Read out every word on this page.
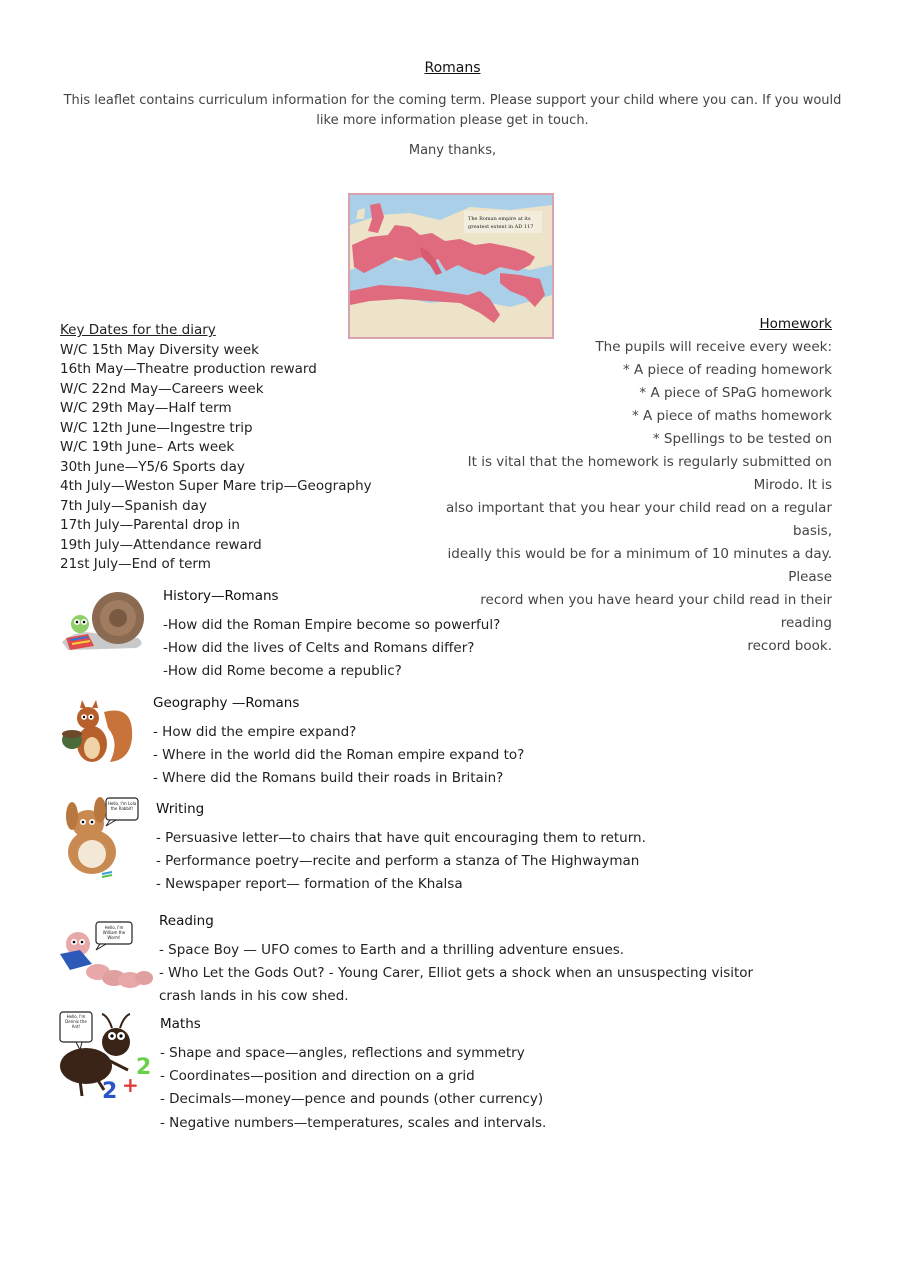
Romans
This leaflet contains curriculum information for the coming term. Please support your child where you can. If you would like more information please get in touch.
Many thanks,
The Roman empire at its
greatest extent in AD 117
Key Dates for the diary
W/C 15th May Diversity week
16th May—Theatre production reward
W/C 22nd May—Careers week
W/C 29th May—Half term
W/C 12th June—Ingestre trip
W/C 19th June– Arts week
30th June—Y5/6 Sports day
4th July—Weston Super Mare trip—Geography
7th July—Spanish day
17th July—Parental drop in
19th July—Attendance reward
21st July—End of term
Homework
The pupils will receive every week:
* A piece of reading homework
* A piece of SPaG homework
* A piece of maths homework
* Spellings to be tested on
It is vital that the homework is regularly submitted on Mirodo. It is
also important that you hear your child read on a regular basis,
ideally this would be for a minimum of 10 minutes a day. Please
record when you have heard your child read in their reading
record book.
History—Romans
-How did the Roman Empire become so powerful?
-How did the lives of Celts and Romans differ?
-How did Rome become a republic?
Geography —Romans
- How did the empire expand?
- Where in the world did the Roman empire expand to?
- Where did the Romans build their roads in Britain?
Hello, I'm Lola the Rabbit! Writing
- Persuasive letter—to chairs that have quit encouraging them to return.
- Performance poetry—recite and perform a stanza of The Highwayman
- Newspaper report— formation of the Khalsa
Hello, I'm William the Worm!
Reading
- Space Boy — UFO comes to Earth and a thrilling adventure ensues.
- Who Let the Gods Out? - Young Carer, Elliot gets a shock when an unsuspecting visitor crash lands in his cow shed.
2 +
2
Hello, I'm Dennis the Ant!	Maths
- Shape and space—angles, reflections and symmetry
- Coordinates—position and direction on a grid
- Decimals—money—pence and pounds (other currency)
- Negative numbers—temperatures, scales and intervals.
